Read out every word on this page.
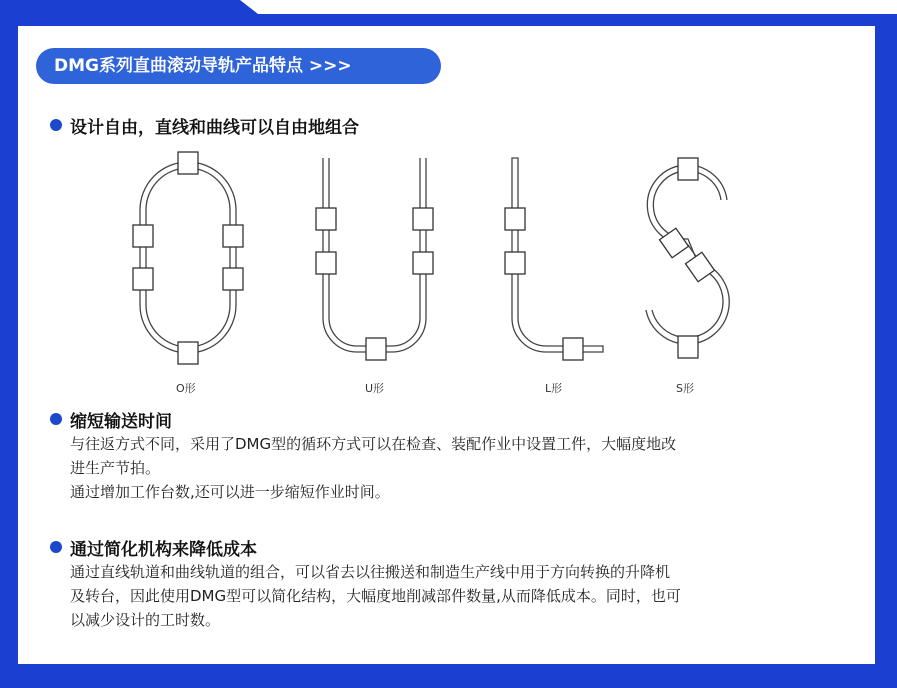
DMG系列直曲滚动导轨产品特点 >>>
设计自由，直线和曲线可以自由地组合
O形	U形	L形	S形
缩短输送时间

与往返方式不同，采用了DMG型的循环方式可以在检查、装配作业中设置工件，大幅度地改

进生产节拍。

通过增加工作台数,还可以进一步缩短作业时间。

通过简化机构来降低成本

通过直线轨道和曲线轨道的组合，可以省去以往搬送和制造生产线中用于方向转换的升降机

及转台，因此使用DMG型可以简化结构，大幅度地削减部件数量,从而降低成本。同时，也可

以减少设计的工时数。
